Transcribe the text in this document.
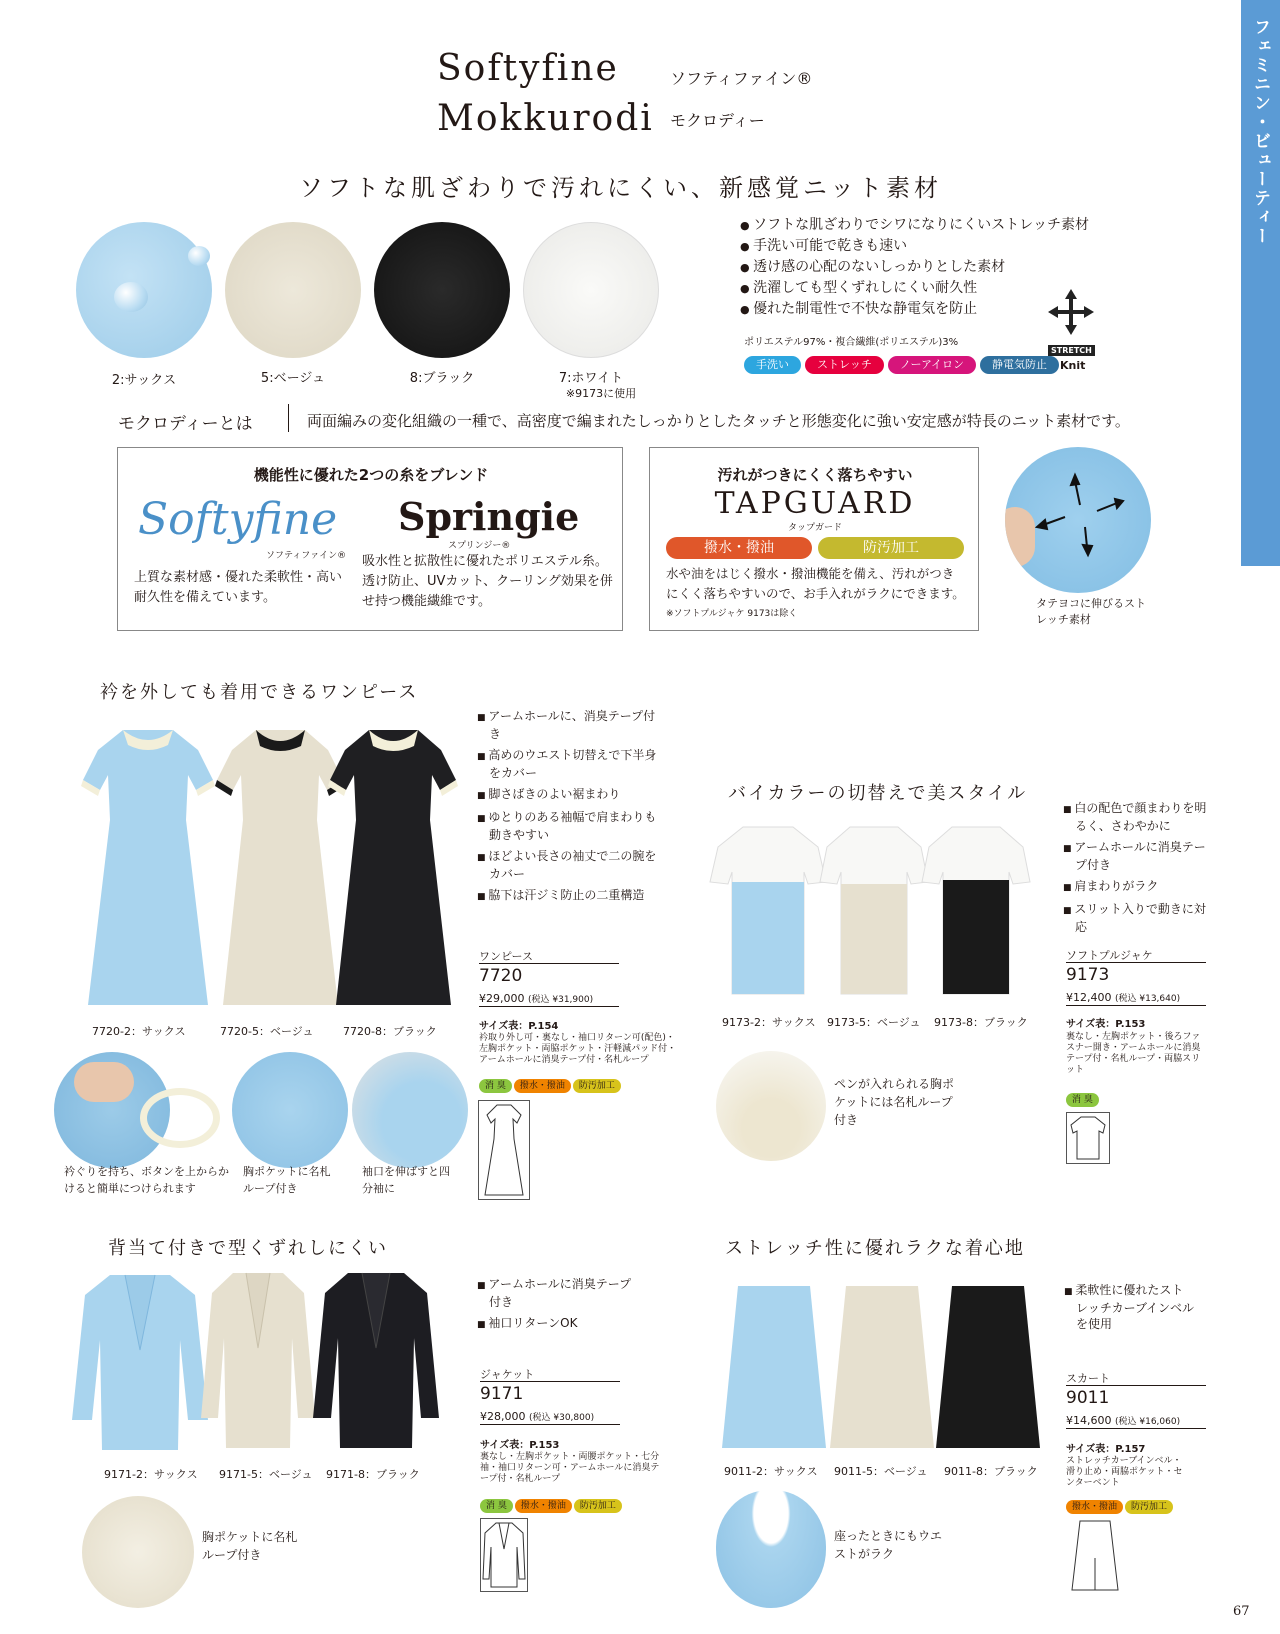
フェミニン・ビューティー
Softyfine
Mokkurodi
ソフティファイン®
モクロディー
ソフトな肌ざわりで汚れにくい、新感覚ニット素材
2:サックス	5:ベージュ	8:ブラック	7:ホワイト
※9173に使用
● ソフトな肌ざわりでシワになりにくいストレッチ素材
● 手洗い可能で乾きも速い
● 透け感の心配のないしっかりとした素材
● 洗濯しても型くずれしにくい耐久性
● 優れた制電性で不快な静電気を防止
ポリエステル97%・複合繊維(ポリエステル)3%
手洗い	ストレッチ	ノーアイロン	静電気防止
STRETCH
Knit
モクロディーとは	両面編みの変化組織の一種で、高密度で編まれたしっかりとしたタッチと形態変化に強い安定感が特長のニット素材です。
機能性に優れた2つの糸をブレンド
Softyfine
ソフティファイン®
上質な素材感・優れた柔軟性・高い耐久性を備えています。
Springie
スプリンジー®
吸水性と拡散性に優れたポリエステル糸。透け防止、UVカット、クーリング効果を併せ持つ機能繊維です。
汚れがつきにくく落ちやすい
TAPGUARD
タップガード
撥水・撥油	防汚加工
水や油をはじく撥水・撥油機能を備え、汚れがつきにくく落ちやすいので、お手入れがラクにできます。
※ソフトプルジャケ 9173は除く
タテヨコに伸びるストレッチ素材
衿を外しても着用できるワンピース
7720-2：サックス	7720-5：ベージュ	7720-8：ブラック
■ アームホールに、消臭テープ付き
■ 高めのウエスト切替えで下半身をカバー
■ 脚さばきのよい裾まわり
■ ゆとりのある袖幅で肩まわりも動きやすい
■ ほどよい長さの袖丈で二の腕をカバー
■ 脇下は汗ジミ防止の二重構造
ワンピース
7720
¥29,000 (税込 ¥31,900)
サイズ表：P.154
衿取り外し可・裏なし・袖口リターン可(配色)・左胸ポケット・両脇ポケット・汗軽減パッド付・アームホールに消臭テープ付・名札ループ
消 臭 撥水・撥油 防汚加工
衿ぐりを持ち、ボタンを上からかけると簡単につけられます
胸ポケットに名札ループ付き
袖口を伸ばすと四分袖に
バイカラーの切替えで美スタイル
9173-2：サックス 9173-5：ベージュ 9173-8：ブラック
■ 白の配色で顔まわりを明るく、さわやかに
■ アームホールに消臭テープ付き
■ 肩まわりがラク
■ スリット入りで動きに対応
ソフトプルジャケ
9173
¥12,400 (税込 ¥13,640)
サイズ表：P.153
裏なし・左胸ポケット・後ろファスナー開き・アームホールに消臭テープ付・名札ループ・両脇スリット
消 臭
ペンが入れられる胸ポケットには名札ループ付き
背当て付きで型くずれしにくい
9171-2：サックス 9171-5：ベージュ 9171-8：ブラック
■ アームホールに消臭テープ付き
■ 袖口リターンOK
ジャケット
9171
¥28,000 (税込 ¥30,800)
サイズ表：P.153
裏なし・左胸ポケット・両腰ポケット・七分袖・袖口リターン可・アームホールに消臭テープ付・名札ループ
消 臭 撥水・撥油 防汚加工
胸ポケットに名札ループ付き
ストレッチ性に優れラクな着心地
9011-2：サックス 9011-5：ベージュ 9011-8：ブラック
■ 柔軟性に優れたストレッチカーブインベルを使用
スカート
9011
¥14,600 (税込 ¥16,060)
サイズ表：P.157
ストレッチカーブインベル・滑り止め・両脇ポケット・センターベント
撥水・撥油 防汚加工
座ったときにもウエストがラク
67
